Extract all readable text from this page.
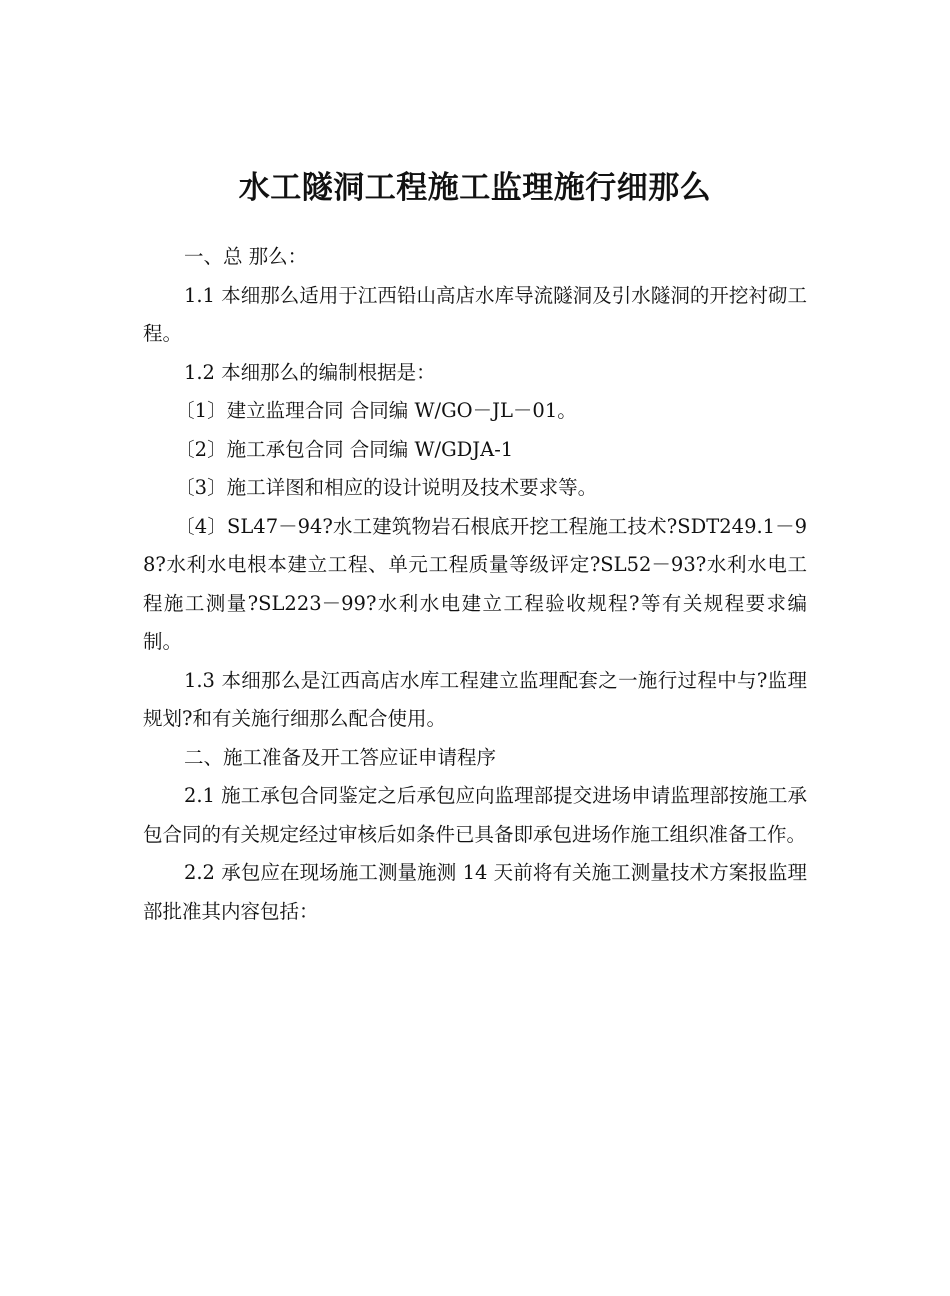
水工隧洞工程施工监理施行细那么

一、总 那么：

1.1 本细那么适用于江西铅山高店水库导流隧洞及引水隧洞的开挖衬砌工程。

1.2 本细那么的编制根据是：

〔1〕建立监理合同 合同编 W/GO－JL－01。

〔2〕施工承包合同 合同编 W/GDJA-1

〔3〕施工详图和相应的设计说明及技术要求等。

〔4〕SL47－94?水工建筑物岩石根底开挖工程施工技术?SDT249.1－98?水利水电根本建立工程、单元工程质量等级评定?SL52－93?水利水电工程施工测量?SL223－99?水利水电建立工程验收规程?等有关规程要求编制。

1.3 本细那么是江西高店水库工程建立监理配套之一施行过程中与?监理规划?和有关施行细那么配合使用。

二、施工准备及开工答应证申请程序

2.1 施工承包合同鉴定之后承包应向监理部提交进场申请监理部按施工承包合同的有关规定经过审核后如条件已具备即承包进场作施工组织准备工作。

2.2 承包应在现场施工测量施测 14 天前将有关施工测量技术方案报监理部批准其内容包括：
